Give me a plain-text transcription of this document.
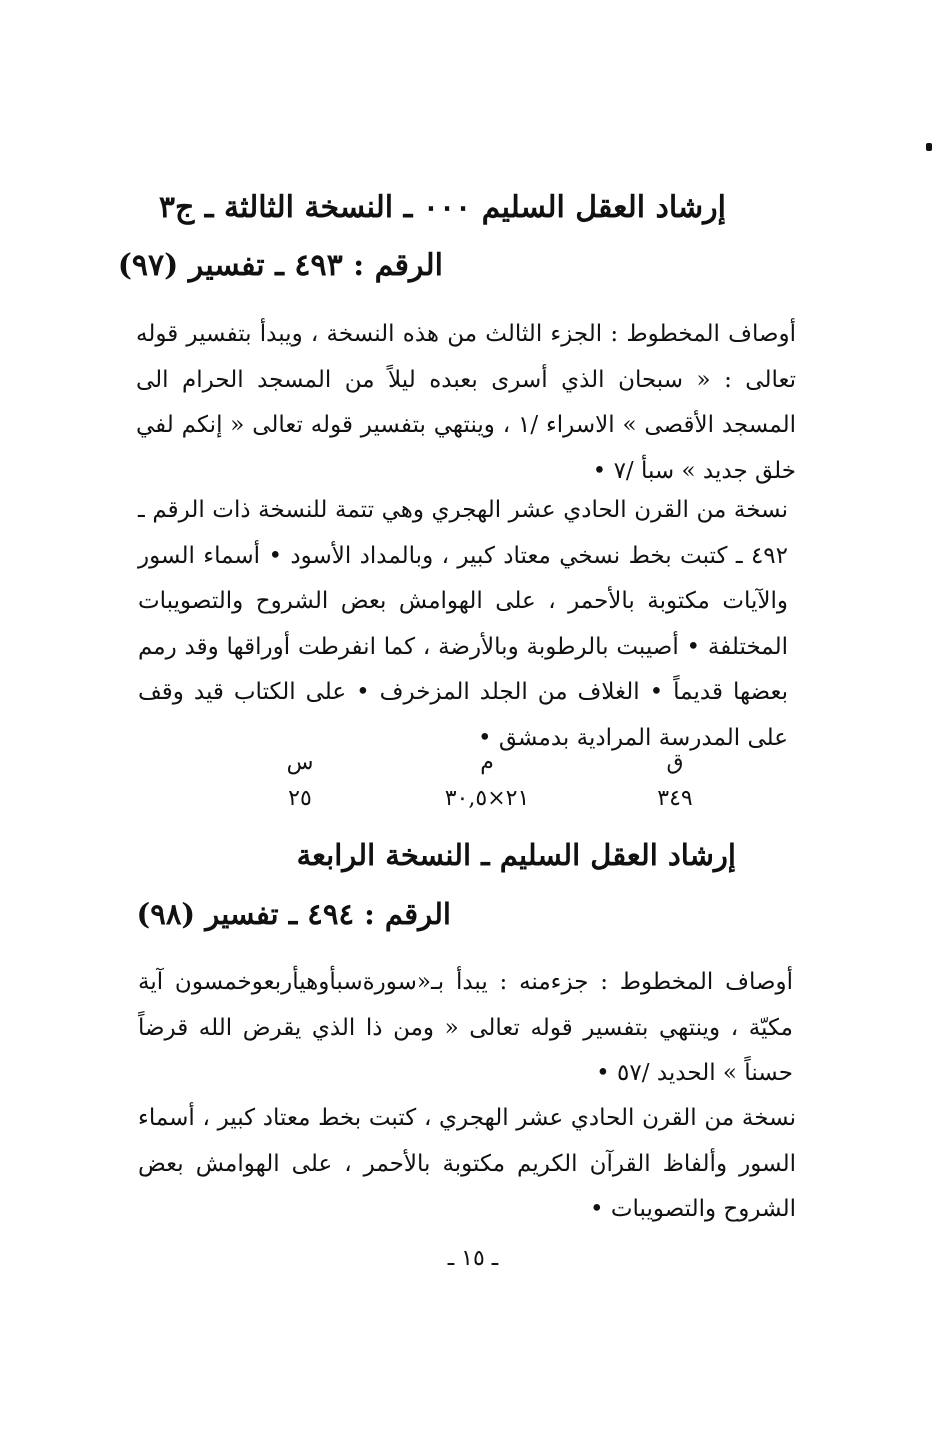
إرشاد العقل السليم ٠٠٠ ـ النسخة الثالثة ـ ج٣
الرقم : ٤٩٣ ـ تفسير (٩٧)

أوصاف المخطوط : الجزء الثالث من هذه النسخة ، ويبدأ بتفسير قوله تعالى : « سبحان الذي أسرى بعبده ليلاً من المسجد الحرام الى المسجد الأقصى » الاسراء /١ ، وينتهي بتفسير قوله تعالى « إنكم لفي خلق جديد » سبأ /٧ •

نسخة من القرن الحادي عشر الهجري وهي تتمة للنسخة ذات الرقم ـ ٤٩٢ ـ كتبت بخط نسخي معتاد كبير ، وبالمداد الأسود • أسماء السور والآيات مكتوبة بالأحمر ، على الهوامش بعض الشروح والتصويبات المختلفة • أصيبت بالرطوبة وبالأرضة ، كما انفرطت أوراقها وقد رمم بعضها قديماً • الغلاف من الجلد المزخرف • على الكتاب قيد وقف على المدرسة المرادية بدمشق •

ق
٣٤٩
م
٢١×٣٠,٥
س
٢٥
إرشاد العقل السليم ـ النسخة الرابعة
الرقم : ٤٩٤ ـ تفسير (٩٨)

أوصاف المخطوط : جزءمنه : يبدأ بـ«سورةسبأوهيأربعوخمسون آية مكيّة ، وينتهي بتفسير قوله تعالى « ومن ذا الذي يقرض الله قرضاً حسناً » الحديد /٥٧ •

نسخة من القرن الحادي عشر الهجري ، كتبت بخط معتاد كبير ، أسماء السور وألفاظ القرآن الكريم مكتوبة بالأحمر ، على الهوامش بعض الشروح والتصويبات •

ـ ١٥ ـ
